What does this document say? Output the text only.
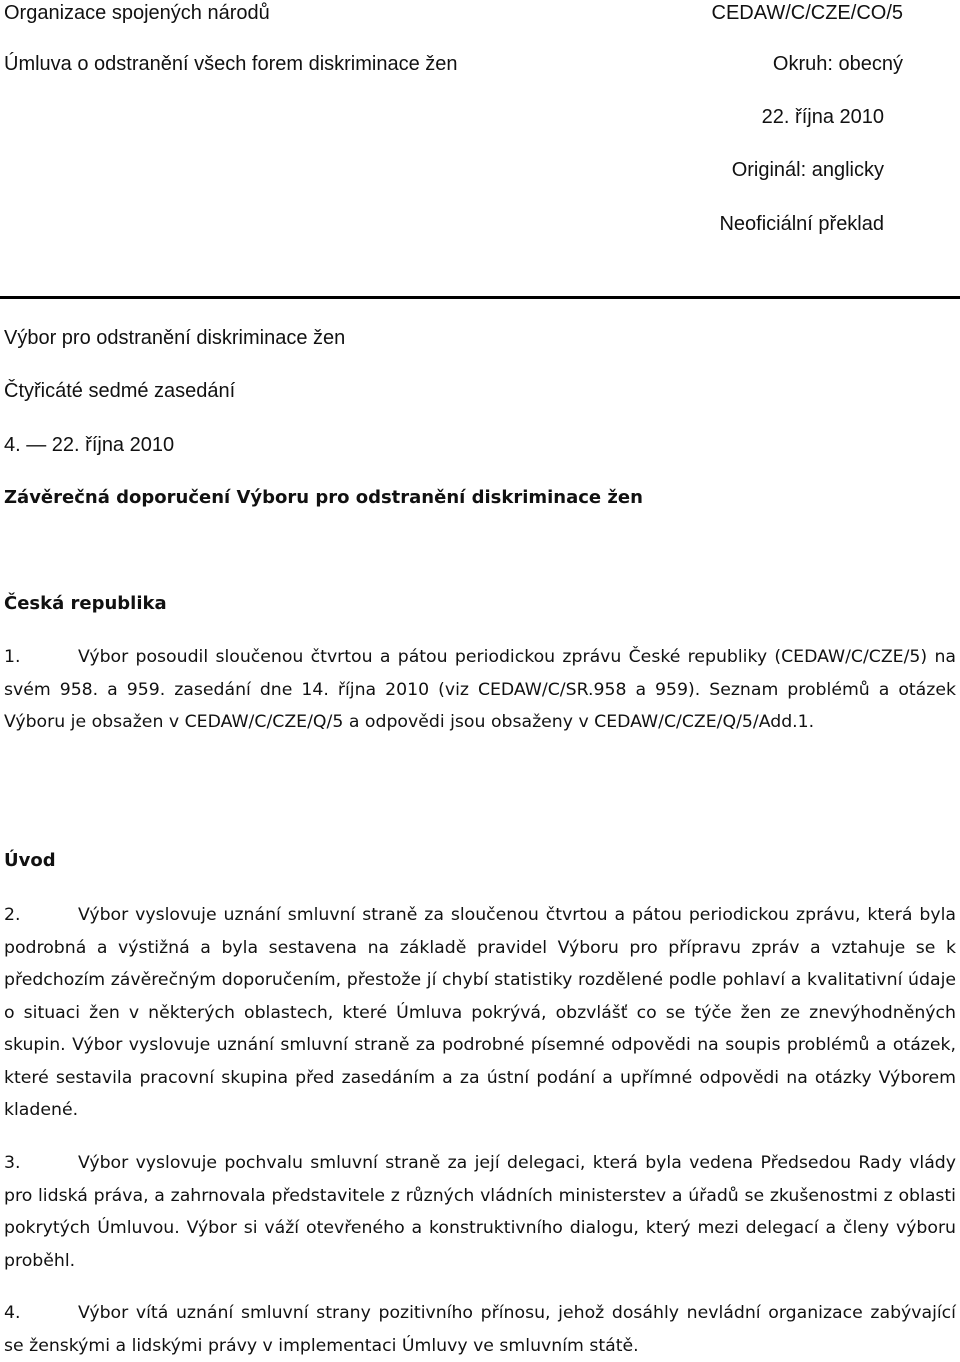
Organizace spojených národů	CEDAW/C/CZE/CO/5
Úmluva o odstranění všech forem diskriminace žen	Okruh: obecný
22. října 2010
Originál: anglicky
Neoficiální překlad
Výbor pro odstranění diskriminace žen
Čtyřicáté sedmé zasedání
4. — 22. října 2010
Závěrečná doporučení Výboru pro odstranění diskriminace žen
Česká republika
1.	Výbor posoudil sloučenou čtvrtou a pátou periodickou zprávu České republiky (CEDAW/C/CZE/5) na svém 958. a 959. zasedání dne 14. října 2010 (viz CEDAW/C/SR.958 a 959). Seznam problémů a otázek Výboru je obsažen v CEDAW/C/CZE/Q/5 a odpovědi jsou obsaženy v CEDAW/C/CZE/Q/5/Add.1.
Úvod
2.	Výbor vyslovuje uznání smluvní straně za sloučenou čtvrtou a pátou periodickou zprávu, která byla podrobná a výstižná a byla sestavena na základě pravidel Výboru pro přípravu zpráv a vztahuje se k předchozím závěrečným doporučením, přestože jí chybí statistiky rozdělené podle pohlaví a kvalitativní údaje o situaci žen v některých oblastech, které Úmluva pokrývá, obzvlášť co se týče žen ze znevýhodněných skupin. Výbor vyslovuje uznání smluvní straně za podrobné písemné odpovědi na soupis problémů a otázek, které sestavila pracovní skupina před zasedáním a za ústní podání a upřímné odpovědi na otázky Výborem kladené.
3.	Výbor vyslovuje pochvalu smluvní straně za její delegaci, která byla vedena Předsedou Rady vlády pro lidská práva, a zahrnovala představitele z různých vládních ministerstev a úřadů se zkušenostmi z oblasti pokrytých Úmluvou. Výbor si váží otevřeného a konstruktivního dialogu, který mezi delegací a členy výboru proběhl.
4.	Výbor vítá uznání smluvní strany pozitivního přínosu, jehož dosáhly nevládní organizace zabývající se ženskými a lidskými právy v implementaci Úmluvy ve smluvním státě.
